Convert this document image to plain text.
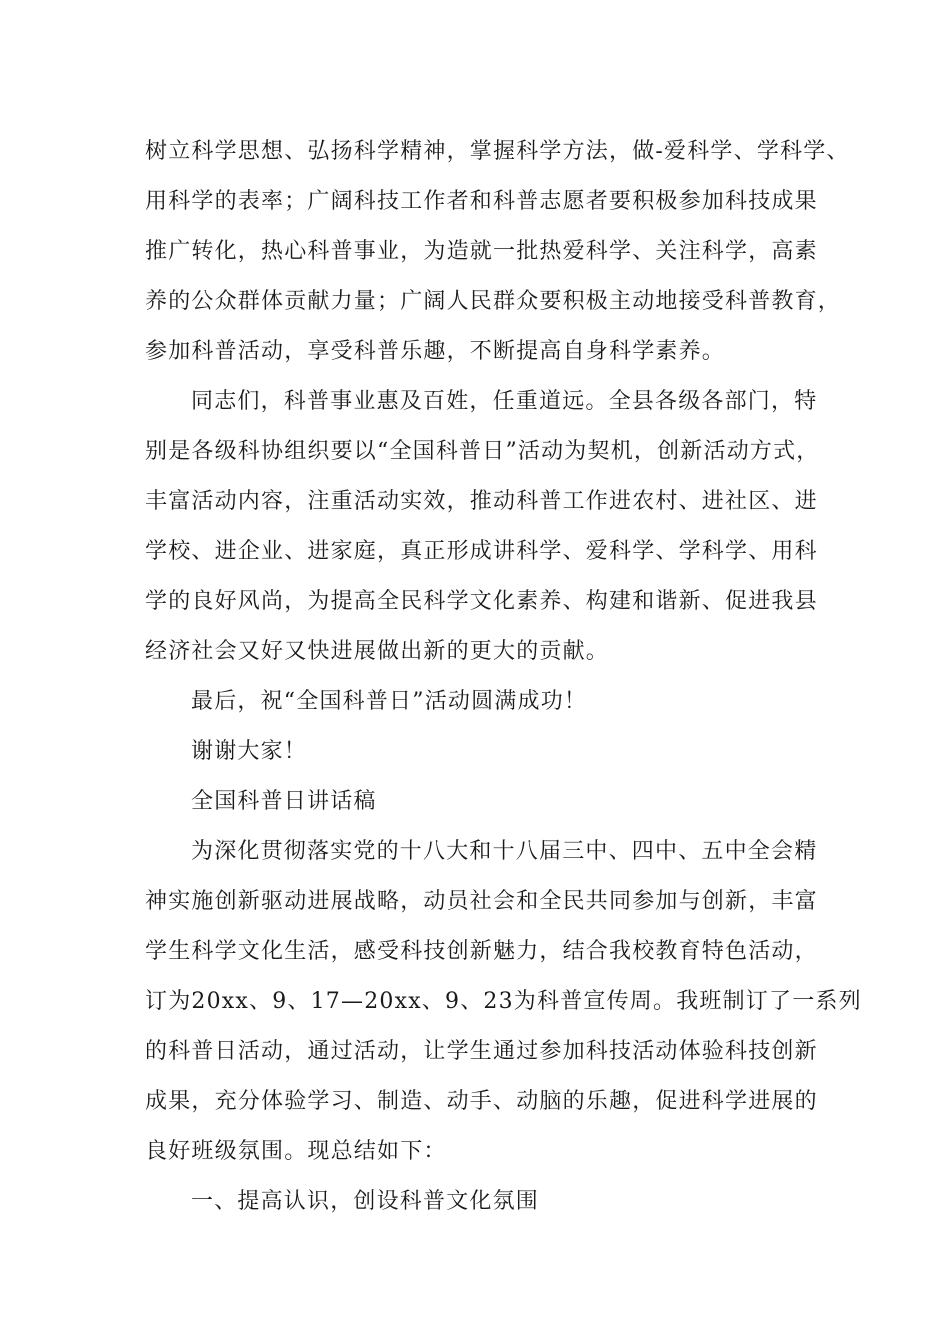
树立科学思想、弘扬科学精神，掌握科学方法，做-爱科学、学科学、
用科学的表率；广阔科技工作者和科普志愿者要积极参加科技成果
推广转化，热心科普事业，为造就一批热爱科学、关注科学，高素
养的公众群体贡献力量；广阔人民群众要积极主动地接受科普教育，
参加科普活动，享受科普乐趣，不断提高自身科学素养。
同志们，科普事业惠及百姓，任重道远。全县各级各部门，特
别是各级科协组织要以“全国科普日”活动为契机，创新活动方式，
丰富活动内容，注重活动实效，推动科普工作进农村、进社区、进
学校、进企业、进家庭，真正形成讲科学、爱科学、学科学、用科
学的良好风尚，为提高全民科学文化素养、构建和谐新、促进我县
经济社会又好又快进展做出新的更大的贡献。
最后，祝“全国科普日”活动圆满成功！
谢谢大家！
全国科普日讲话稿
为深化贯彻落实党的十八大和十八届三中、四中、五中全会精
神实施创新驱动进展战略，动员社会和全民共同参加与创新，丰富
学生科学文化生活，感受科技创新魅力，结合我校教育特色活动，
订为20xx、9、17—20xx、9、23为科普宣传周。我班制订了一系列
的科普日活动，通过活动，让学生通过参加科技活动体验科技创新
成果，充分体验学习、制造、动手、动脑的乐趣，促进科学进展的
良好班级氛围。现总结如下：
一、提高认识，创设科普文化氛围
